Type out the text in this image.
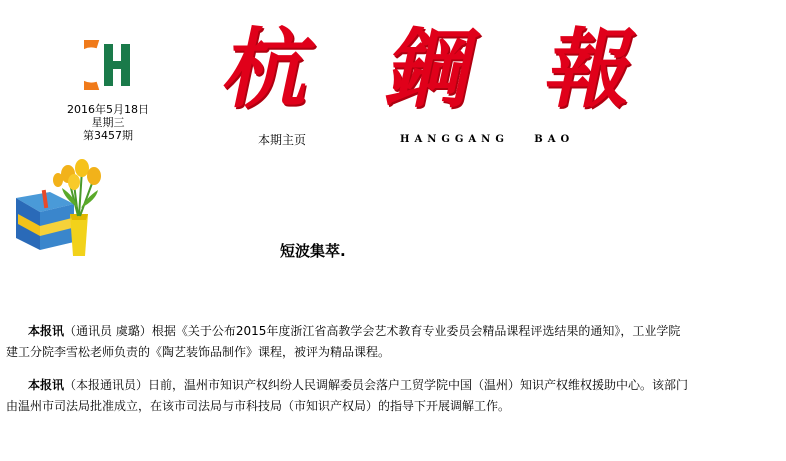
2016年5月18日
星期三
第3457期
杭 鋼 報
本期主页	HANGGANG   BAO
短波集萃.

本报讯（通讯员 虞璐）根据《关于公布2015年度浙江省高教学会艺术教育专业委员会精品课程评选结果的通知》，工业学院

建工分院李雪松老师负责的《陶艺装饰品制作》课程，被评为精品课程。

本报讯（本报通讯员）日前，温州市知识产权纠纷人民调解委员会落户工贸学院中国（温州）知识产权维权援助中心。该部门

由温州市司法局批准成立，在该市司法局与市科技局（市知识产权局）的指导下开展调解工作。
